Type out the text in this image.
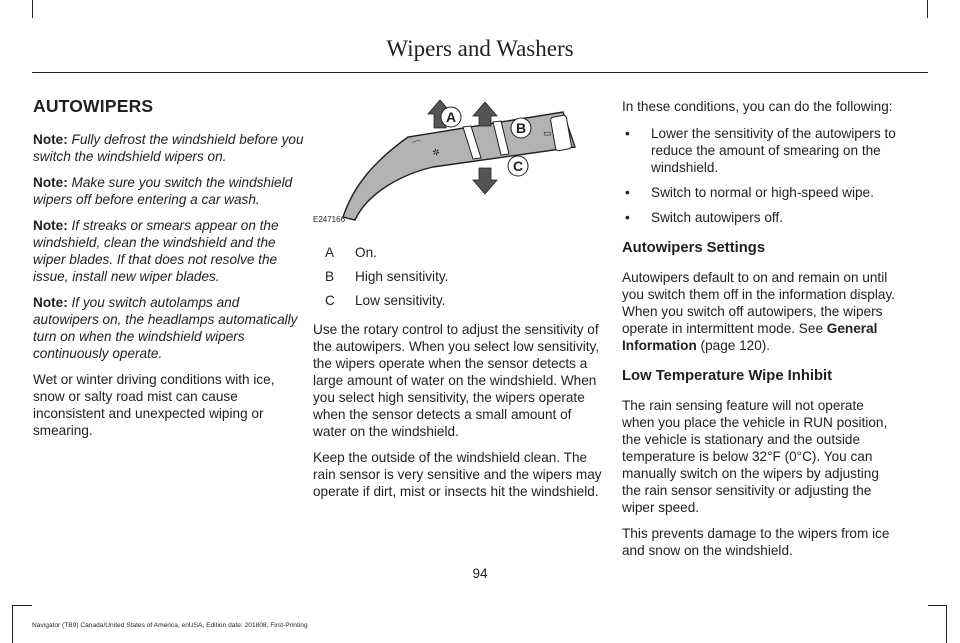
Wipers and Washers
AUTOWIPERS

Note: Fully defrost the windshield before you switch the windshield wipers on.

Note: Make sure you switch the windshield wipers off before entering a car wash.

Note: If streaks or smears appear on the windshield, clean the windshield and the wiper blades. If that does not resolve the issue, install new wiper blades.

Note: If you switch autolamps and autowipers on, the headlamps automatically turn on when the windshield wipers continuously operate.

Wet or winter driving conditions with ice, snow or salty road mist can cause inconsistent and unexpected wiping or smearing.

⌒ ✲
▭
A
B
C
E247166
A	On.
B	High sensitivity.
C	Low sensitivity.

Use the rotary control to adjust the sensitivity of the autowipers. When you select low sensitivity, the wipers operate when the sensor detects a large amount of water on the windshield. When you select high sensitivity, the wipers operate when the sensor detects a small amount of water on the windshield.

Keep the outside of the windshield clean. The rain sensor is very sensitive and the wipers may operate if dirt, mist or insects hit the windshield.

In these conditions, you can do the following:

•	Lower the sensitivity of the autowipers to reduce the amount of smearing on the windshield.
•	Switch to normal or high-speed wipe.
•	Switch autowipers off.
Autowipers Settings

Autowipers default to on and remain on until you switch them off in the information display. When you switch off autowipers, the wipers operate in intermittent mode. See General Information (page 120).

Low Temperature Wipe Inhibit

The rain sensing feature will not operate when you place the vehicle in RUN position, the vehicle is stationary and the outside temperature is below 32°F (0°C). You can manually switch on the wipers by adjusting the rain sensor sensitivity or adjusting the wiper speed.

This prevents damage to the wipers from ice and snow on the windshield.

94
Navigator (TB9) Canada/United States of America, enUSA, Edition date: 201808, First-Printing
